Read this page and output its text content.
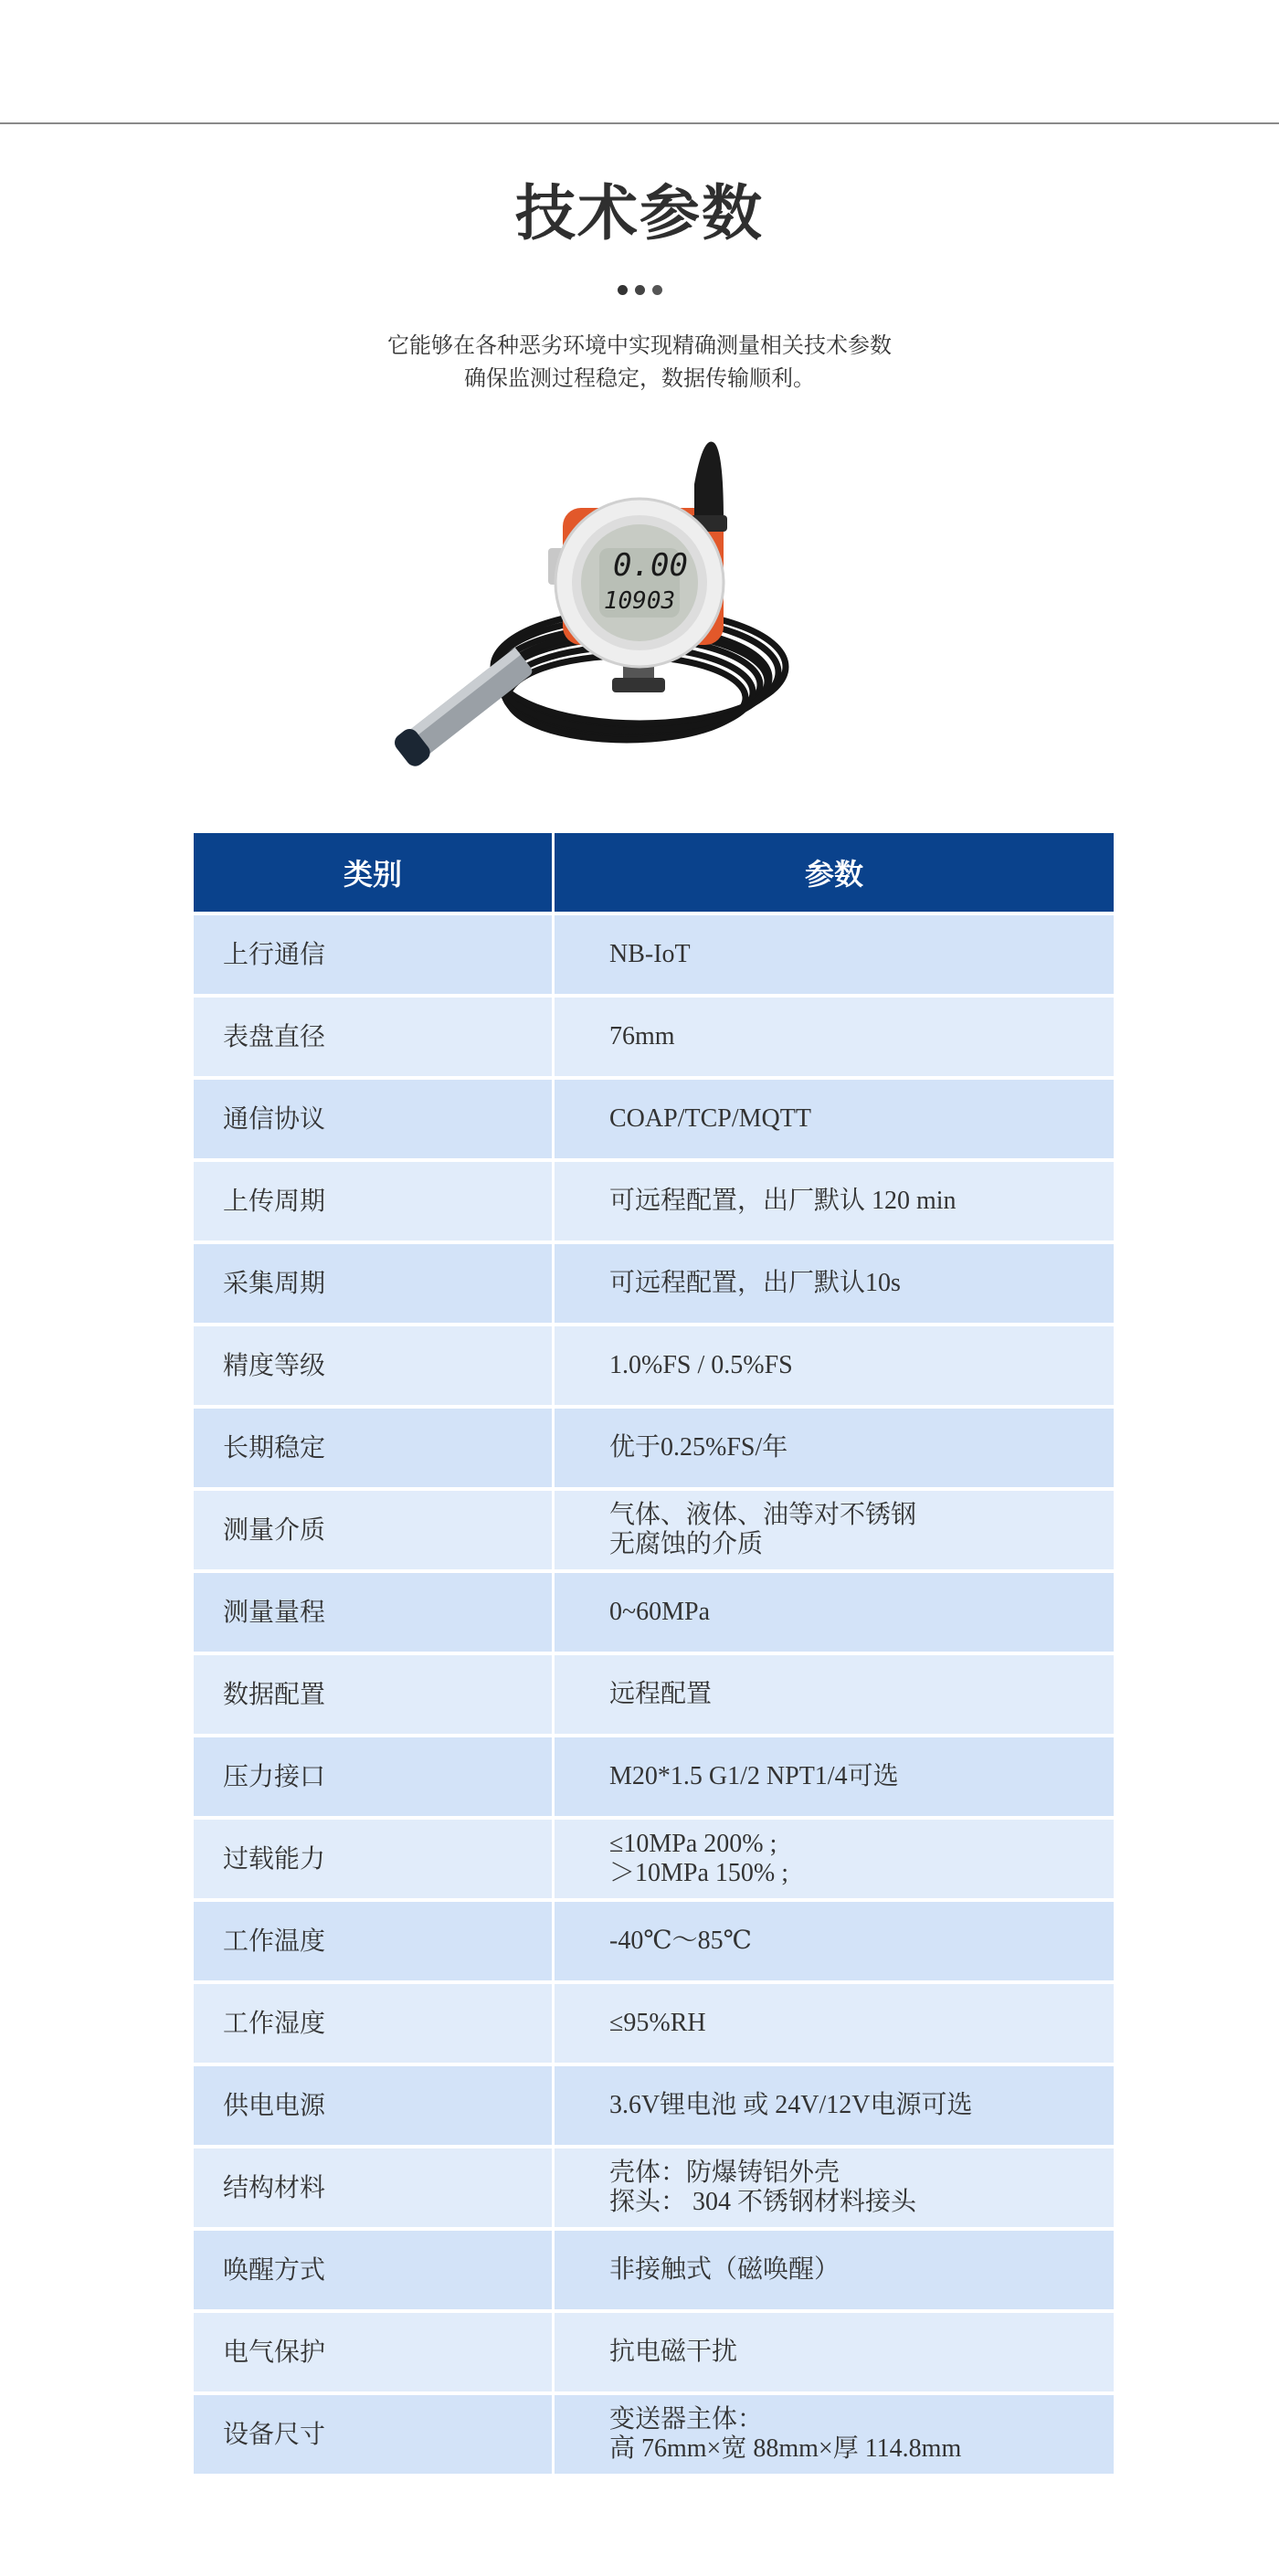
技术参数
它能够在各种恶劣环境中实现精确测量相关技术参数
确保监测过程稳定，数据传输顺利。
0.00
10903
类别	参数
上行通信	NB-IoT
表盘直径	76mm
通信协议	COAP/TCP/MQTT
上传周期	可远程配置，出厂默认 120 min
采集周期	可远程配置，出厂默认10s
精度等级	1.0%FS / 0.5%FS
长期稳定	优于0.25%FS/年
测量介质	气体、液体、油等对不锈钢
无腐蚀的介质
测量量程	0~60MPa
数据配置	远程配置
压力接口	M20*1.5 G1/2 NPT1/4可选
过载能力	≤10MPa 200% ;
＞10MPa 150% ;
工作温度	-40℃〜85℃
工作湿度	≤95%RH
供电电源	3.6V锂电池 或 24V/12V电源可选
结构材料	壳体：防爆铸铝外壳
探头： 304 不锈钢材料接头
唤醒方式	非接触式（磁唤醒）
电气保护	抗电磁干扰
设备尺寸	变送器主体：
高 76mm×宽 88mm×厚 114.8mm
